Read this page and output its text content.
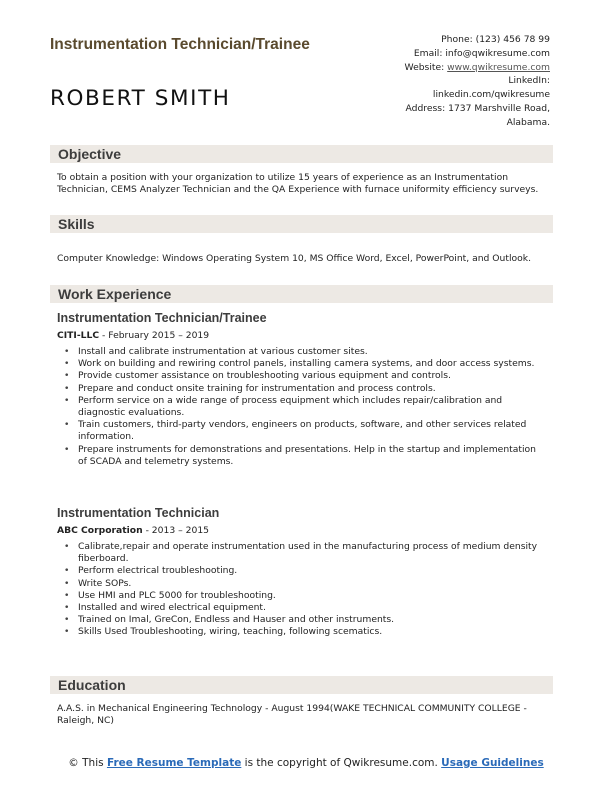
Instrumentation Technician/Trainee
ROBERT SMITH
Phone: (123) 456 78 99
Email: info@qwikresume.com
Website: www.qwikresume.com
LinkedIn:
linkedin.com/qwikresume
Address: 1737 Marshville Road,
Alabama.
Objective
To obtain a position with your organization to utilize 15 years of experience as an Instrumentation Technician, CEMS Analyzer Technician and the QA Experience with furnace uniformity efficiency surveys.
Skills
Computer Knowledge: Windows Operating System 10, MS Office Word, Excel, PowerPoint, and Outlook.
Work Experience
Instrumentation Technician/Trainee
CITI-LLC - February 2015 – 2019
• Install and calibrate instrumentation at various customer sites.
• Work on building and rewiring control panels, installing camera systems, and door access systems.
• Provide customer assistance on troubleshooting various equipment and controls.
• Prepare and conduct onsite training for instrumentation and process controls.
• Perform service on a wide range of process equipment which includes repair/calibration and diagnostic evaluations.
• Train customers, third-party vendors, engineers on products, software, and other services related information.
• Prepare instruments for demonstrations and presentations. Help in the startup and implementation of SCADA and telemetry systems.
Instrumentation Technician
ABC Corporation - 2013 – 2015
• Calibrate,repair and operate instrumentation used in the manufacturing process of medium density fiberboard.
• Perform electrical troubleshooting.
• Write SOPs.
• Use HMI and PLC 5000 for troubleshooting.
• Installed and wired electrical equipment.
• Trained on Imal, GreCon, Endless and Hauser and other instruments.
• Skills Used Troubleshooting, wiring, teaching, following scematics.
Education
A.A.S. in Mechanical Engineering Technology - August 1994(WAKE TECHNICAL COMMUNITY COLLEGE - Raleigh, NC)
© This Free Resume Template is the copyright of Qwikresume.com. Usage Guidelines
